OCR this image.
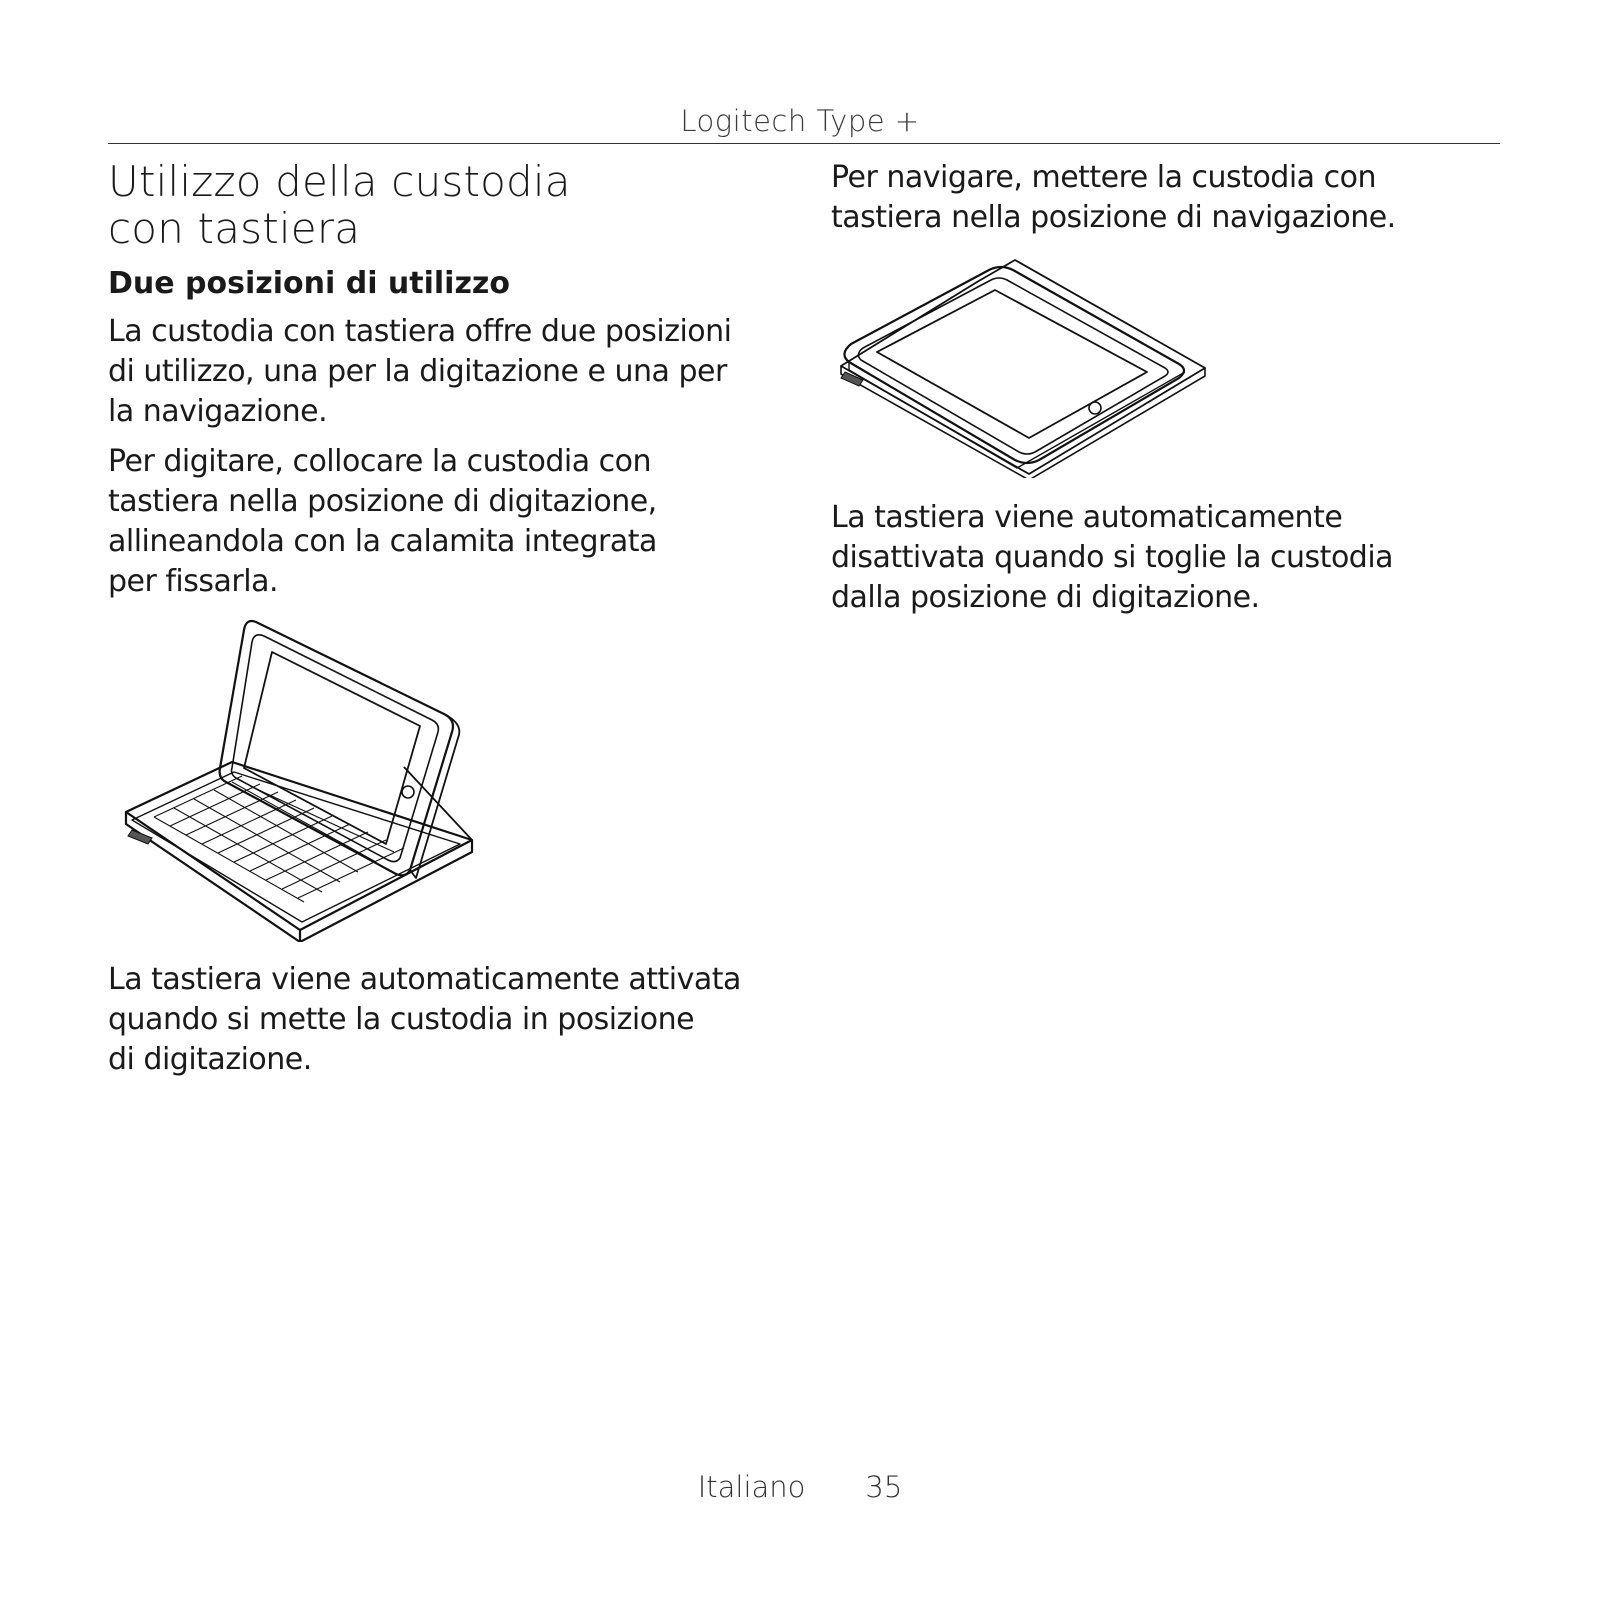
Logitech Type +
Utilizzo della custodia
con tastiera
Due posizioni di utilizzo

La custodia con tastiera offre due posizioni
di utilizzo, una per la digitazione e una per
la navigazione.

Per digitare, collocare la custodia con
tastiera nella posizione di digitazione,
allineandola con la calamita integrata
per fissarla.

La tastiera viene automaticamente attivata
quando si mette la custodia in posizione
di digitazione.

Per navigare, mettere la custodia con
tastiera nella posizione di navigazione.

La tastiera viene automaticamente
disattivata quando si toglie la custodia
dalla posizione di digitazione.

Italiano 35
